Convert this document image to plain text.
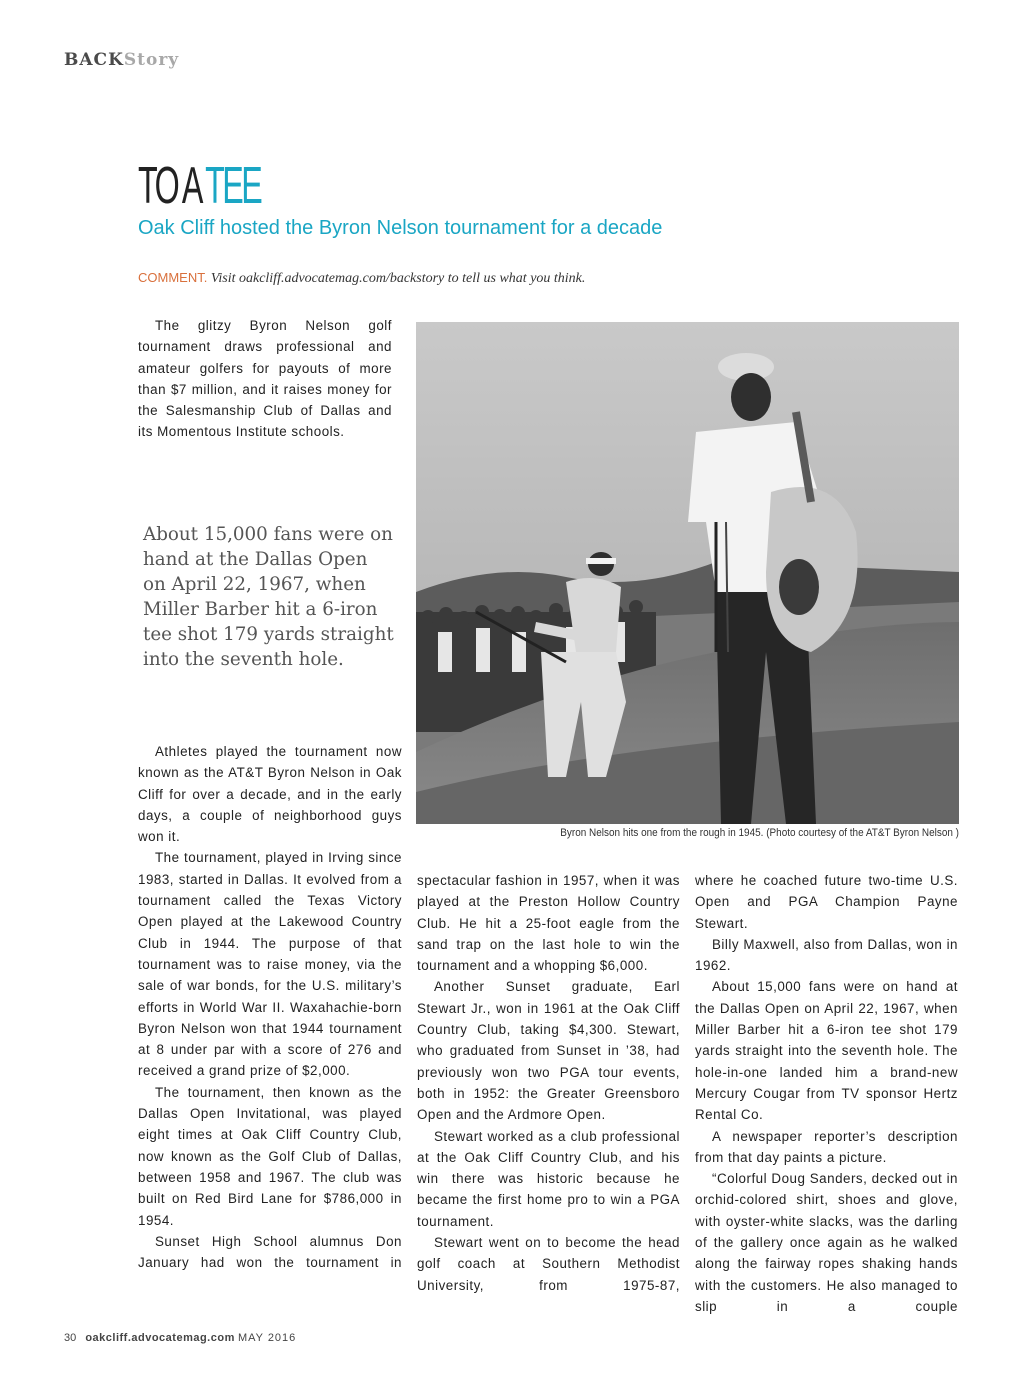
BACKStory
TO A TEE
Oak Cliff hosted the Byron Nelson tournament for a decade
COMMENT. Visit oakcliff.advocatemag.com/backstory to tell us what you think.

The glitzy Byron Nelson golf tournament draws professional and amateur golfers for payouts of more than $7 million, and it raises money for the Salesmanship Club of Dallas and its Momentous Institute schools.

About 15,000 fans were on hand at the Dallas Open on April 22, 1967, when Miller Barber hit a 6-iron tee shot 179 yards straight into the seventh hole.
Byron Nelson hits one from the rough in 1945. (Photo courtesy of the AT&T Byron Nelson )

Athletes played the tournament now known as the AT&T Byron Nelson in Oak Cliff for over a decade, and in the early days, a couple of neighborhood guys won it.

The tournament, played in Irving since 1983, started in Dallas. It evolved from a tournament called the Texas Victory Open played at the Lakewood Country Club in 1944. The purpose of that tournament was to raise money, via the sale of war bonds, for the U.S. military’s efforts in World War II. Waxahachie-born Byron Nelson won that 1944 tournament at 8 under par with a score of 276 and received a grand prize of $2,000.

The tournament, then known as the Dallas Open Invitational, was played eight times at Oak Cliff Country Club, now known as the Golf Club of Dallas, between 1958 and 1967. The club was built on Red Bird Lane for $786,000 in 1954.

Sunset High School alumnus Don January had won the tournament in

spectacular fashion in 1957, when it was played at the Preston Hollow Country Club. He hit a 25-foot eagle from the sand trap on the last hole to win the tournament and a whopping $6,000.

Another Sunset graduate, Earl Stewart Jr., won in 1961 at the Oak Cliff Country Club, taking $4,300. Stewart, who graduated from Sunset in ’38, had previously won two PGA tour events, both in 1952: the Greater Greensboro Open and the Ardmore Open.

Stewart worked as a club professional at the Oak Cliff Country Club, and his win there was historic because he became the first home pro to win a PGA tournament.

Stewart went on to become the head golf coach at Southern Methodist University, from 1975-87,

where he coached future two-time U.S. Open and PGA Champion Payne Stewart.

Billy Maxwell, also from Dallas, won in 1962.

About 15,000 fans were on hand at the Dallas Open on April 22, 1967, when Miller Barber hit a 6-iron tee shot 179 yards straight into the seventh hole. The hole-in-one landed him a brand-new Mercury Cougar from TV sponsor Hertz Rental Co.

A newspaper reporter’s description from that day paints a picture.

“Colorful Doug Sanders, decked out in orchid-colored shirt, shoes and glove, with oyster-white slacks, was the darling of the gallery once again as he walked along the fairway ropes shaking hands with the customers. He also managed to slip in a couple

30 oakcliff.advocatemag.com MAY 2016
